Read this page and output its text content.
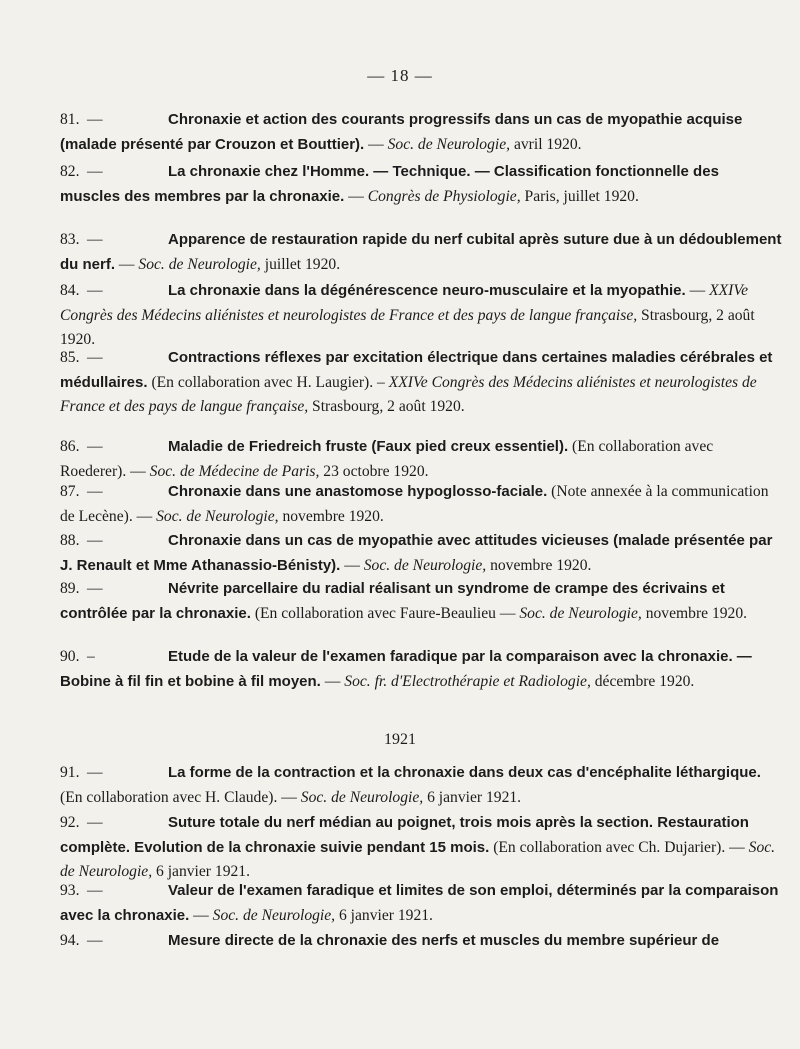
— 18 —
81. —	Chronaxie et action des courants progressifs dans un cas de myopathie acquise (malade présenté par Crouzon et Bouttier). — Soc. de Neurologie, avril 1920.
82. —	La chronaxie chez l'Homme. — Technique. — Classification fonctionnelle des muscles des membres par la chronaxie. — Congrès de Physiologie, Paris, juillet 1920.
83. —	Apparence de restauration rapide du nerf cubital après suture due à un dédoublement du nerf. — Soc. de Neurologie, juillet 1920.
84. —	La chronaxie dans la dégénérescence neuro-musculaire et la myopathie. — XXIVe Congrès des Médecins aliénistes et neurologistes de France et des pays de langue française, Strasbourg, 2 août 1920.
85. —	Contractions réflexes par excitation électrique dans certaines maladies cérébrales et médullaires. (En collaboration avec H. Laugier). – XXIVe Congrès des Médecins aliénistes et neurologistes de France et des pays de langue française, Strasbourg, 2 août 1920.
86. —	Maladie de Friedreich fruste (Faux pied creux essentiel). (En collaboration avec Roederer). — Soc. de Médecine de Paris, 23 octobre 1920.
87. —	Chronaxie dans une anastomose hypoglosso-faciale. (Note annexée à la communication de Lecène). — Soc. de Neurologie, novembre 1920.
88. —	Chronaxie dans un cas de myopathie avec attitudes vicieuses (malade présentée par J. Renault et Mme Athanassio-Bénisty). — Soc. de Neurologie, novembre 1920.
89. —	Névrite parcellaire du radial réalisant un syndrome de crampe des écrivains et contrôlée par la chronaxie. (En collaboration avec Faure-Beaulieu — Soc. de Neurologie, novembre 1920.
90. –	Etude de la valeur de l'examen faradique par la comparaison avec la chronaxie. — Bobine à fil fin et bobine à fil moyen. — Soc. fr. d'Electrothérapie et Radiologie, décembre 1920.
1921
91. —	La forme de la contraction et la chronaxie dans deux cas d'encéphalite léthargique. (En collaboration avec H. Claude). — Soc. de Neurologie, 6 janvier 1921.
92. —	Suture totale du nerf médian au poignet, trois mois après la section. Restauration complète. Evolution de la chronaxie suivie pendant 15 mois. (En collaboration avec Ch. Dujarier). — Soc. de Neurologie, 6 janvier 1921.
93. —	Valeur de l'examen faradique et limites de son emploi, déterminés par la comparaison avec la chronaxie. — Soc. de Neurologie, 6 janvier 1921.
94. —	Mesure directe de la chronaxie des nerfs et muscles du membre supérieur de
